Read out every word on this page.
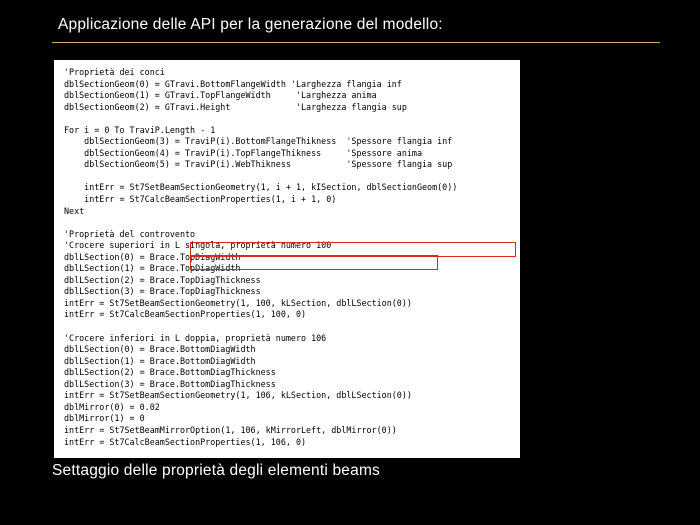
Applicazione delle API per la generazione del modello:
'Proprietà dei conci
dblSectionGeom(0) = GTravi.BottomFlangeWidth 'Larghezza flangia inf
dblSectionGeom(1) = GTravi.TopFlangeWidth     'Larghezza anima
dblSectionGeom(2) = GTravi.Height             'Larghezza flangia sup
For i = 0 To TraviP.Length - 1
dblSectionGeom(3) = TraviP(i).BottomFlangeThikness  'Spessore flangia inf
dblSectionGeom(4) = TraviP(i).TopFlangeThikness     'Spessore anima
dblSectionGeom(5) = TraviP(i).WebThikness           'Spessore flangia sup
intErr = St7SetBeamSectionGeometry(1, i + 1, kISection, dblSectionGeom(0))
intErr = St7CalcBeamSectionProperties(1, i + 1, 0)
Next
'Proprietà del controvento
'Crocere superiori in L singola, proprietà numero 100
dblLSection(0) = Brace.TopDiagWidth
dblLSection(1) = Brace.TopDiagWidth
dblLSection(2) = Brace.TopDiagThickness
dblLSection(3) = Brace.TopDiagThickness
intErr = St7SetBeamSectionGeometry(1, 100, kLSection, dblLSection(0))
intErr = St7CalcBeamSectionProperties(1, 100, 0)
'Crocere inferiori in L doppia, proprietà numero 106
dblLSection(0) = Brace.BottomDiagWidth
dblLSection(1) = Brace.BottomDiagWidth
dblLSection(2) = Brace.BottomDiagThickness
dblLSection(3) = Brace.BottomDiagThickness
intErr = St7SetBeamSectionGeometry(1, 106, kLSection, dblLSection(0))
dblMirror(0) = 0.02
dblMirror(1) = 0
intErr = St7SetBeamMirrorOption(1, 106, kMirrorLeft, dblMirror(0))
intErr = St7CalcBeamSectionProperties(1, 106, 0)
Settaggio delle proprietà degli elementi beams
